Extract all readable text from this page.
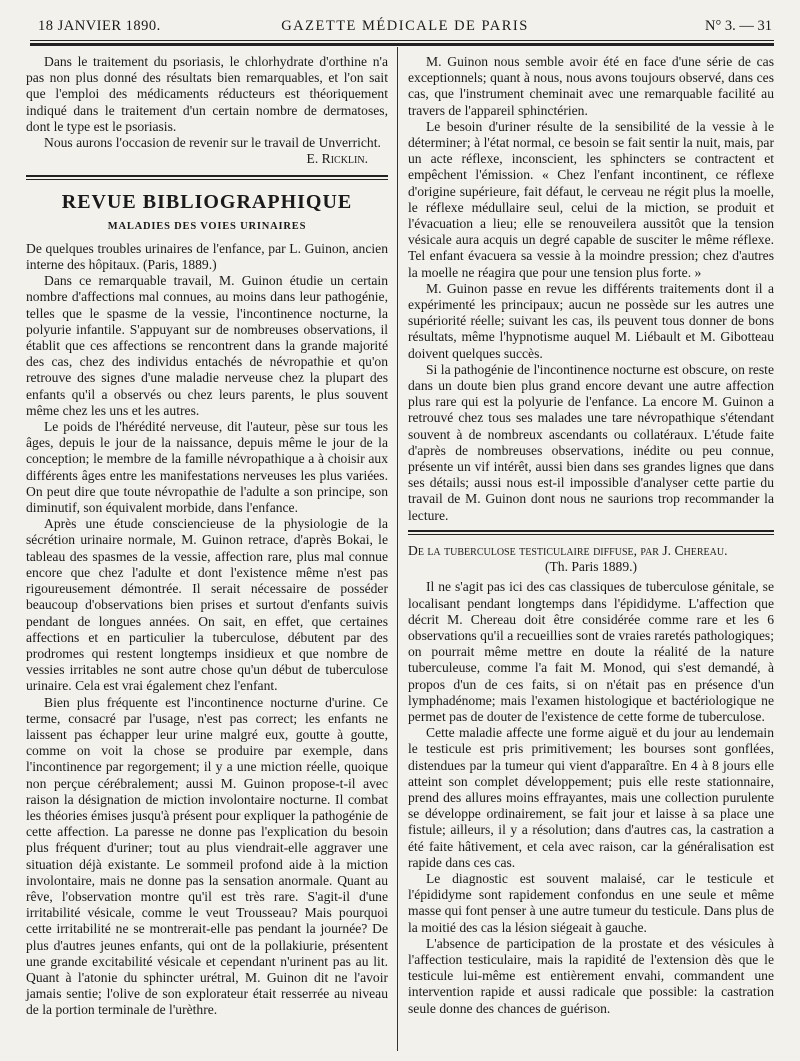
18 JANVIER 1890.	GAZETTE MÉDICALE DE PARIS	N° 3. — 31

Dans le traitement du psoriasis, le chlorhydrate d'orthine n'a pas non plus donné des résultats bien remarquables, et l'on sait que l'emploi des médicaments réducteurs est théoriquement indiqué dans le traitement d'un certain nombre de dermatoses, dont le type est le psoriasis.

Nous aurons l'occasion de revenir sur le travail de Unverricht.

E. Ricklin.
REVUE BIBLIOGRAPHIQUE
MALADIES DES VOIES URINAIRES

De quelques troubles urinaires de l'enfance, par L. Guinon, ancien interne des hôpitaux. (Paris, 1889.)

Dans ce remarquable travail, M. Guinon étudie un certain nombre d'affections mal connues, au moins dans leur pathogénie, telles que le spasme de la vessie, l'incontinence nocturne, la polyurie infantile. S'appuyant sur de nombreuses observations, il établit que ces affections se rencontrent dans la grande majorité des cas, chez des individus entachés de névropathie et qu'on retrouve des signes d'une maladie nerveuse chez la plupart des enfants qu'il a observés ou chez leurs parents, le plus souvent même chez les uns et les autres.

Le poids de l'hérédité nerveuse, dit l'auteur, pèse sur tous les âges, depuis le jour de la naissance, depuis même le jour de la conception; le membre de la famille névropathique a à choisir aux différents âges entre les manifestations nerveuses les plus variées. On peut dire que toute névropathie de l'adulte a son principe, son diminutif, son équivalent morbide, dans l'enfance.

Après une étude consciencieuse de la physiologie de la sécrétion urinaire normale, M. Guinon retrace, d'après Bokai, le tableau des spasmes de la vessie, affection rare, plus mal connue encore que chez l'adulte et dont l'existence même n'est pas rigoureusement démontrée. Il serait nécessaire de posséder beaucoup d'observations bien prises et surtout d'enfants suivis pendant de longues années. On sait, en effet, que certaines affections et en particulier la tuberculose, débutent par des prodromes qui restent longtemps insidieux et que nombre de vessies irritables ne sont autre chose qu'un début de tuberculose urinaire. Cela est vrai également chez l'enfant.

Bien plus fréquente est l'incontinence nocturne d'urine. Ce terme, consacré par l'usage, n'est pas correct; les enfants ne laissent pas échapper leur urine malgré eux, goutte à goutte, comme on voit la chose se produire par exemple, dans l'incontinence par regorgement; il y a une miction réelle, quoique non perçue cérébralement; aussi M. Guinon propose-t-il avec raison la désignation de miction involontaire nocturne. Il combat les théories émises jusqu'à présent pour expliquer la pathogénie de cette affection. La paresse ne donne pas l'explication du besoin plus fréquent d'uriner; tout au plus viendrait-elle aggraver une situation déjà existante. Le sommeil profond aide à la miction involontaire, mais ne donne pas la sensation anormale. Quant au rêve, l'observation montre qu'il est très rare. S'agit-il d'une irritabilité vésicale, comme le veut Trousseau? Mais pourquoi cette irritabilité ne se montrerait-elle pas pendant la journée? De plus d'autres jeunes enfants, qui ont de la pollakiurie, présentent une grande excitabilité vésicale et cependant n'urinent pas au lit. Quant à l'atonie du sphincter urétral, M. Guinon dit ne l'avoir jamais sentie; l'olive de son explorateur était resserrée au niveau de la portion terminale de l'urèthre.

M. Guinon nous semble avoir été en face d'une série de cas exceptionnels; quant à nous, nous avons toujours observé, dans ces cas, que l'instrument cheminait avec une remarquable facilité au travers de l'appareil sphinctérien.

Le besoin d'uriner résulte de la sensibilité de la vessie à le déterminer; à l'état normal, ce besoin se fait sentir la nuit, mais, par un acte réflexe, inconscient, les sphincters se contractent et empêchent l'émission. « Chez l'enfant incontinent, ce réflexe d'origine supérieure, fait défaut, le cerveau ne régit plus la moelle, le réflexe médullaire seul, celui de la miction, se produit et l'évacuation a lieu; elle se renouveilera aussitôt que la tension vésicale aura acquis un degré capable de susciter le même réflexe. Tel enfant évacuera sa vessie à la moindre pression; chez d'autres la moelle ne réagira que pour une tension plus forte. »

M. Guinon passe en revue les différents traitements dont il a expérimenté les principaux; aucun ne possède sur les autres une supériorité réelle; suivant les cas, ils peuvent tous donner de bons résultats, même l'hypnotisme auquel M. Liébault et M. Gibotteau doivent quelques succès.

Si la pathogénie de l'incontinence nocturne est obscure, on reste dans un doute bien plus grand encore devant une autre affection plus rare qui est la polyurie de l'enfance. La encore M. Guinon a retrouvé chez tous ses malades une tare névropathique s'étendant souvent à de nombreux ascendants ou collatéraux. L'étude faite d'après de nombreuses observations, inédite ou peu connue, présente un vif intérêt, aussi bien dans ses grandes lignes que dans ses détails; aussi nous est-il impossible d'analyser cette partie du travail de M. Guinon dont nous ne saurions trop recommander la lecture.

De la tuberculose testiculaire diffuse, par J. Chereau.

(Th. Paris 1889.)

Il ne s'agit pas ici des cas classiques de tuberculose génitale, se localisant pendant longtemps dans l'épididyme. L'affection que décrit M. Chereau doit être considérée comme rare et les 6 observations qu'il a recueillies sont de vraies raretés pathologiques; on pourrait même mettre en doute la réalité de la nature tuberculeuse, comme l'a fait M. Monod, qui s'est demandé, à propos d'un de ces faits, si on n'était pas en présence d'un lymphadénome; mais l'examen histologique et bactériologique ne permet pas de douter de l'existence de cette forme de tuberculose.

Cette maladie affecte une forme aiguë et du jour au lendemain le testicule est pris primitivement; les bourses sont gonflées, distendues par la tumeur qui vient d'apparaître. En 4 à 8 jours elle atteint son complet développement; puis elle reste stationnaire, prend des allures moins effrayantes, mais une collection purulente se développe ordinairement, se fait jour et laisse à sa place une fistule; ailleurs, il y a résolution; dans d'autres cas, la castration a été faite hâtivement, et cela avec raison, car la généralisation est rapide dans ces cas.

Le diagnostic est souvent malaisé, car le testicule et l'épididyme sont rapidement confondus en une seule et même masse qui font penser à une autre tumeur du testicule. Dans plus de la moitié des cas la lésion siégeait à gauche.

L'absence de participation de la prostate et des vésicules à l'affection testiculaire, mais la rapidité de l'extension dès que le testicule lui-même est entièrement envahi, commandent une intervention rapide et aussi radicale que possible: la castration seule donne des chances de guérison.
